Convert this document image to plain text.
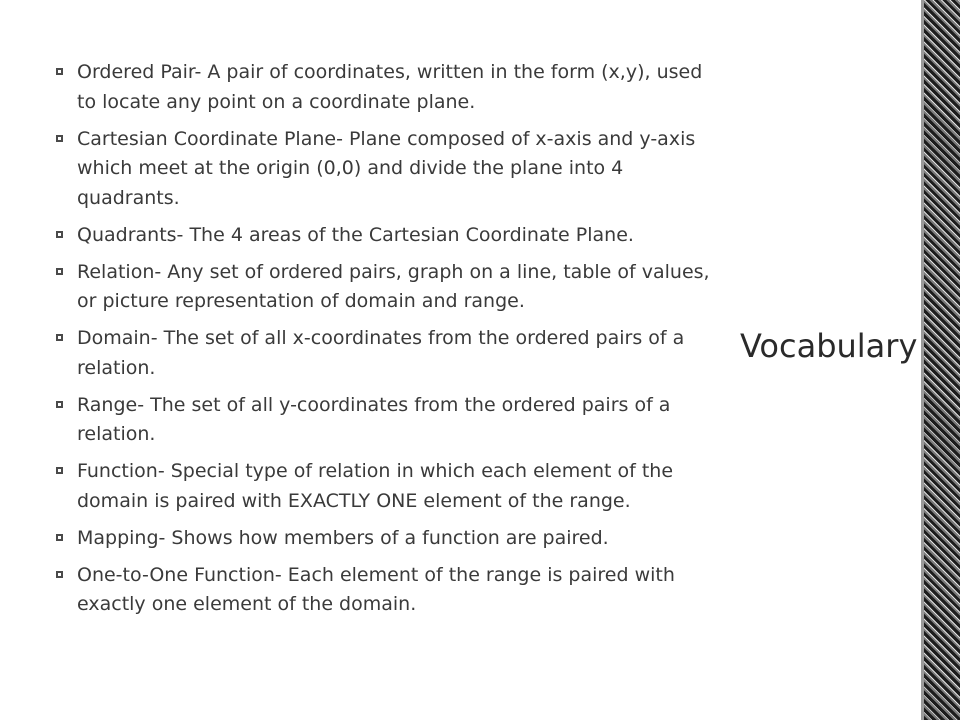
Ordered Pair- A pair of coordinates, written in the form (x,y), used to locate any point on a coordinate plane.
Cartesian Coordinate Plane- Plane composed of x-axis and y-axis which meet at the origin (0,0) and divide the plane into 4 quadrants.
Quadrants- The 4 areas of the Cartesian Coordinate Plane.
Relation- Any set of ordered pairs, graph on a line, table of values, or picture representation of domain and range.
Domain- The set of all x-coordinates from the ordered pairs of a relation.
Range- The set of all y-coordinates from the ordered pairs of a relation.
Function- Special type of relation in which each element of the domain is paired with EXACTLY ONE element of the range.
Mapping- Shows how members of a function are paired.
One-to-One Function- Each element of the range is paired with exactly one element of the domain.
Vocabulary
